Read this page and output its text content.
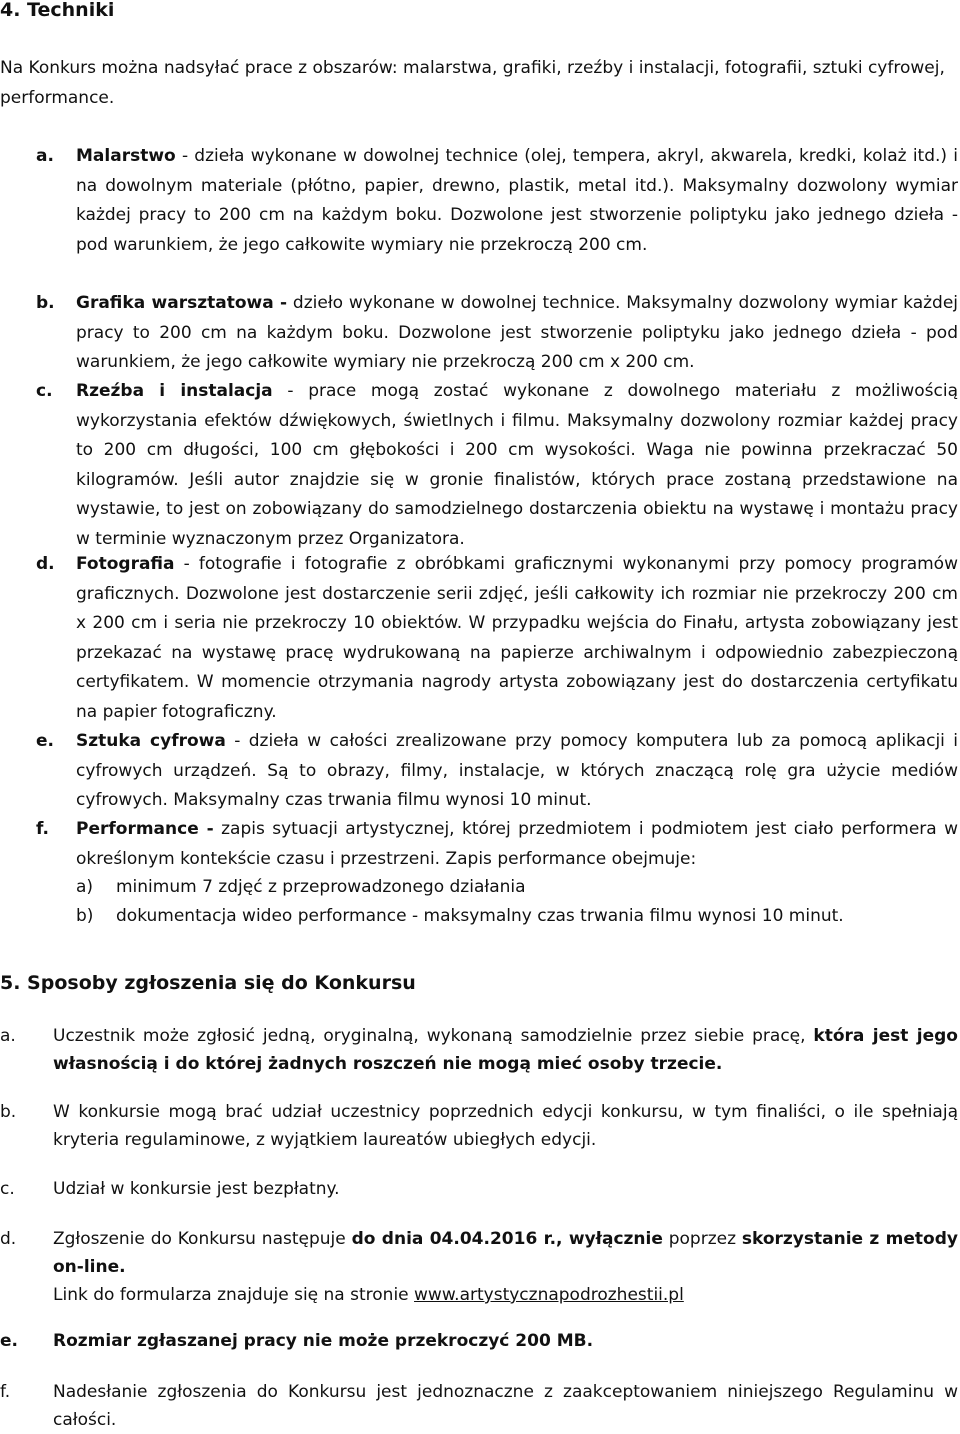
4. Techniki

Na Konkurs można nadsyłać prace z obszarów: malarstwa, grafiki, rzeźby i instalacji, fotografii, sztuki cyfrowej, performance.

a. Malarstwo - dzieła wykonane w dowolnej technice (olej, tempera, akryl, akwarela, kredki, kolaż itd.) i na dowolnym materiale (płótno, papier, drewno, plastik, metal itd.). Maksymalny dozwolony wymiar każdej pracy to 200 cm na każdym boku. Dozwolone jest stworzenie poliptyku jako jednego dzieła - pod warunkiem, że jego całkowite wymiary nie przekroczą 200 cm.
b. Grafika warsztatowa - dzieło wykonane w dowolnej technice. Maksymalny dozwolony wymiar każdej pracy to 200 cm na każdym boku. Dozwolone jest stworzenie poliptyku jako jednego dzieła - pod warunkiem, że jego całkowite wymiary nie przekroczą 200 cm x 200 cm.
c. Rzeźba i instalacja - prace mogą zostać wykonane z dowolnego materiału z możliwością wykorzystania efektów dźwiękowych, świetlnych i filmu. Maksymalny dozwolony rozmiar każdej pracy to 200 cm długości, 100 cm głębokości i 200 cm wysokości. Waga nie powinna przekraczać 50 kilogramów. Jeśli autor znajdzie się w gronie finalistów, których prace zostaną przedstawione na wystawie, to jest on zobowiązany do samodzielnego dostarczenia obiektu na wystawę i montażu pracy w terminie wyznaczonym przez Organizatora.
d. Fotografia - fotografie i fotografie z obróbkami graficznymi wykonanymi przy pomocy programów graficznych. Dozwolone jest dostarczenie serii zdjęć, jeśli całkowity ich rozmiar nie przekroczy 200 cm x 200 cm i seria nie przekroczy 10 obiektów. W przypadku wejścia do Finału, artysta zobowiązany jest przekazać na wystawę pracę wydrukowaną na papierze archiwalnym i odpowiednio zabezpieczoną certyfikatem. W momencie otrzymania nagrody artysta zobowiązany jest do dostarczenia certyfikatu na papier fotograficzny.
e. Sztuka cyfrowa - dzieła w całości zrealizowane przy pomocy komputera lub za pomocą aplikacji i cyfrowych urządzeń. Są to obrazy, filmy, instalacje, w których znaczącą rolę gra użycie mediów cyfrowych. Maksymalny czas trwania filmu wynosi 10 minut.
f. Performance - zapis sytuacji artystycznej, której przedmiotem i podmiotem jest ciało performera w określonym kontekście czasu i przestrzeni. Zapis performance obejmuje:
a) minimum 7 zdjęć z przeprowadzonego działania
b) dokumentacja wideo performance - maksymalny czas trwania filmu wynosi 10 minut.
5. Sposoby zgłoszenia się do Konkursu
a. Uczestnik może zgłosić jedną, oryginalną, wykonaną samodzielnie przez siebie pracę, która jest jego własnością i do której żadnych roszczeń nie mogą mieć osoby trzecie.
b. W konkursie mogą brać udział uczestnicy poprzednich edycji konkursu, w tym finaliści, o ile spełniają kryteria regulaminowe, z wyjątkiem laureatów ubiegłych edycji.
c. Udział w konkursie jest bezpłatny.
d. Zgłoszenie do Konkursu następuje do dnia 04.04.2016 r., wyłącznie poprzez skorzystanie z metody on-line.
Link do formularza znajduje się na stronie www.artystycznapodrozhestii.pl
e. Rozmiar zgłaszanej pracy nie może przekroczyć 200 MB.
f.	Nadesłanie zgłoszenia do Konkursu jest jednoznaczne z zaakceptowaniem niniejszego Regulaminu w całości.
